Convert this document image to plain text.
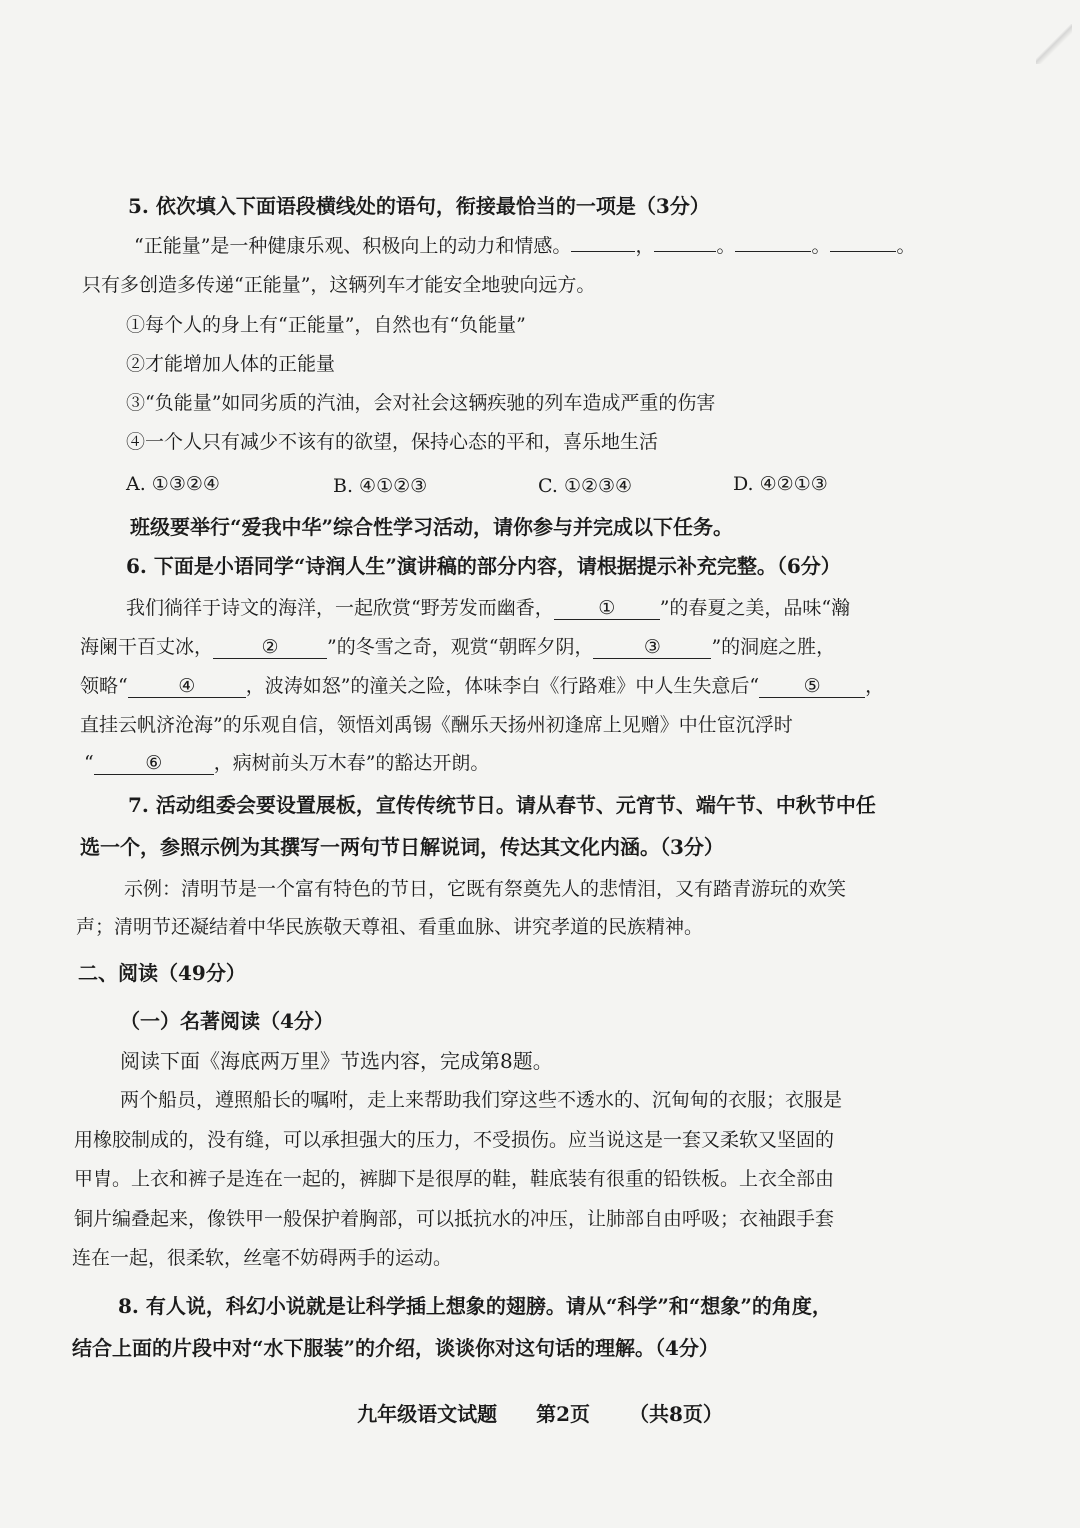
5. 依次填入下面语段横线处的语句，衔接最恰当的一项是（3分）
“正能量”是一种健康乐观、积极向上的动力和情感。	，	。	。	。
只有多创造多传递“正能量”，这辆列车才能安全地驶向远方。
①每个人的身上有“正能量”，自然也有“负能量”
②才能增加人体的正能量
③“负能量”如同劣质的汽油，会对社会这辆疾驰的列车造成严重的伤害
④一个人只有减少不该有的欲望，保持心态的平和，喜乐地生活
A. ①③②④	B. ④①②③	C. ①②③④	D. ④②①③
班级要举行“爱我中华”综合性学习活动，请你参与并完成以下任务。
6. 下面是小语同学“诗润人生”演讲稿的部分内容，请根据提示补充完整。（6分）
我们徜徉于诗文的海洋，一起欣赏“野芳发而幽香， ① ”的春夏之美，品味“瀚
海阑干百丈冰，	②	”的冬雪之奇，观赏“朝晖夕阴，	③	”的洞庭之胜，
领略“	④	，波涛如怒”的潼关之险，体味李白《行路难》中人生失意后“ ⑤ ，
直挂云帆济沧海”的乐观自信，领悟刘禹锡《酬乐天扬州初逢席上见赠》中仕宦沉浮时
“	⑥	，病树前头万木春”的豁达开朗。
7. 活动组委会要设置展板，宣传传统节日。请从春节、元宵节、端午节、中秋节中任
选一个，参照示例为其撰写一两句节日解说词，传达其文化内涵。（3分）
示例：清明节是一个富有特色的节日，它既有祭奠先人的悲情泪，又有踏青游玩的欢笑
声；清明节还凝结着中华民族敬天尊祖、看重血脉、讲究孝道的民族精神。
二、阅读（49分）
（一）名著阅读（4分）
阅读下面《海底两万里》节选内容，完成第8题。
两个船员，遵照船长的嘱咐，走上来帮助我们穿这些不透水的、沉甸甸的衣服；衣服是
用橡胶制成的，没有缝，可以承担强大的压力，不受损伤。应当说这是一套又柔软又坚固的
甲胄。上衣和裤子是连在一起的，裤脚下是很厚的鞋，鞋底装有很重的铅铁板。上衣全部由
铜片编叠起来，像铁甲一般保护着胸部，可以抵抗水的冲压，让肺部自由呼吸；衣袖跟手套
连在一起，很柔软，丝毫不妨碍两手的运动。
8. 有人说，科幻小说就是让科学插上想象的翅膀。请从“科学”和“想象”的角度，
结合上面的片段中对“水下服装”的介绍，谈谈你对这句话的理解。（4分）
九年级语文试题 第2页 （共8页）
